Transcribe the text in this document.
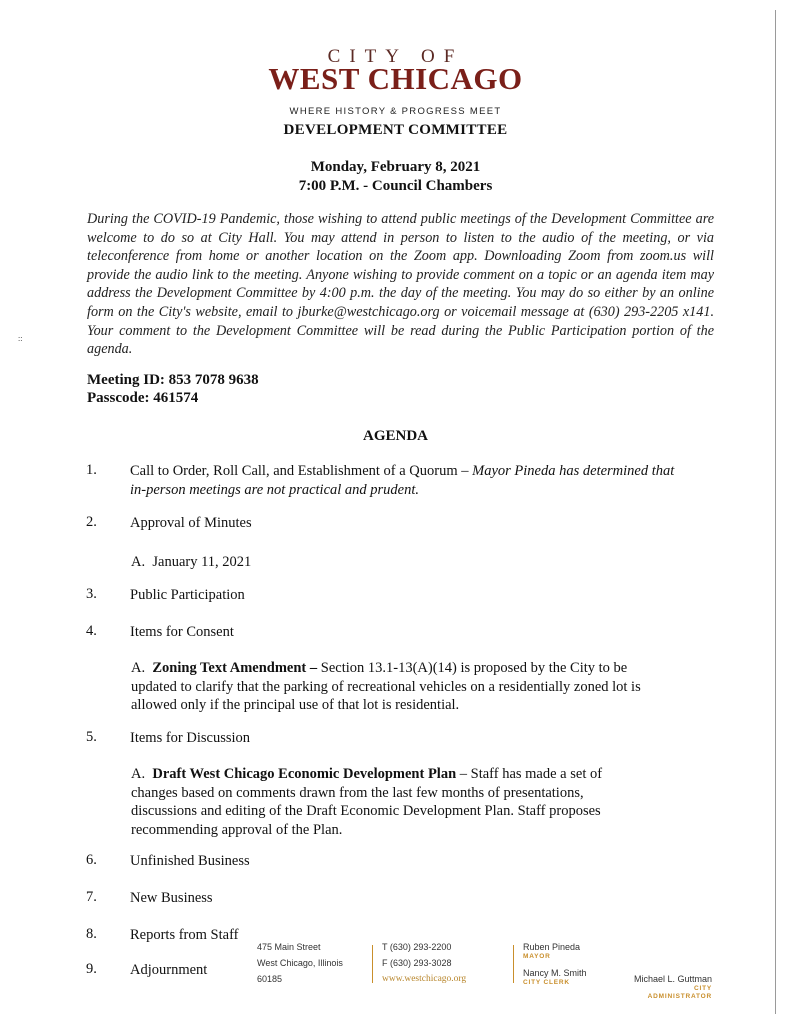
CITY OF
WEST CHICAGO
WHERE HISTORY & PROGRESS MEET
DEVELOPMENT COMMITTEE
Monday, February 8, 2021
7:00 P.M. - Council Chambers
During the COVID-19 Pandemic, those wishing to attend public meetings of the Development Committee are welcome to do so at City Hall. You may attend in person to listen to the audio of the meeting, or via teleconference from home or another location on the Zoom app. Downloading Zoom from zoom.us will provide the audio link to the meeting. Anyone wishing to provide comment on a topic or an agenda item may address the Development Committee by 4:00 p.m. the day of the meeting. You may do so either by an online form on the City's website, email to jburke@westchicago.org or voicemail message at (630) 293-2205 x141. Your comment to the Development Committee will be read during the Public Participation portion of the agenda.
::
Meeting ID: 853 7078 9638
Passcode: 461574
AGENDA
1. Call to Order, Roll Call, and Establishment of a Quorum – Mayor Pineda has determined that in-person meetings are not practical and prudent.
2. Approval of Minutes
A. January 11, 2021
3. Public Participation
4. Items for Consent
A. Zoning Text Amendment – Section 13.1-13(A)(14) is proposed by the City to be updated to clarify that the parking of recreational vehicles on a residentially zoned lot is allowed only if the principal use of that lot is residential.
5. Items for Discussion
A. Draft West Chicago Economic Development Plan – Staff has made a set of changes based on comments drawn from the last few months of presentations, discussions and editing of the Draft Economic Development Plan. Staff proposes recommending approval of the Plan.
6. Unfinished Business
7. New Business
8. Reports from Staff
9. Adjournment
475 Main Street
West Chicago, Illinois
60185
T (630) 293-2200
F (630) 293-3028
www.westchicago.org
Ruben Pineda
MAYOR
Nancy M. Smith
CITY CLERK	Michael L. Guttman
CITY ADMINISTRATOR
